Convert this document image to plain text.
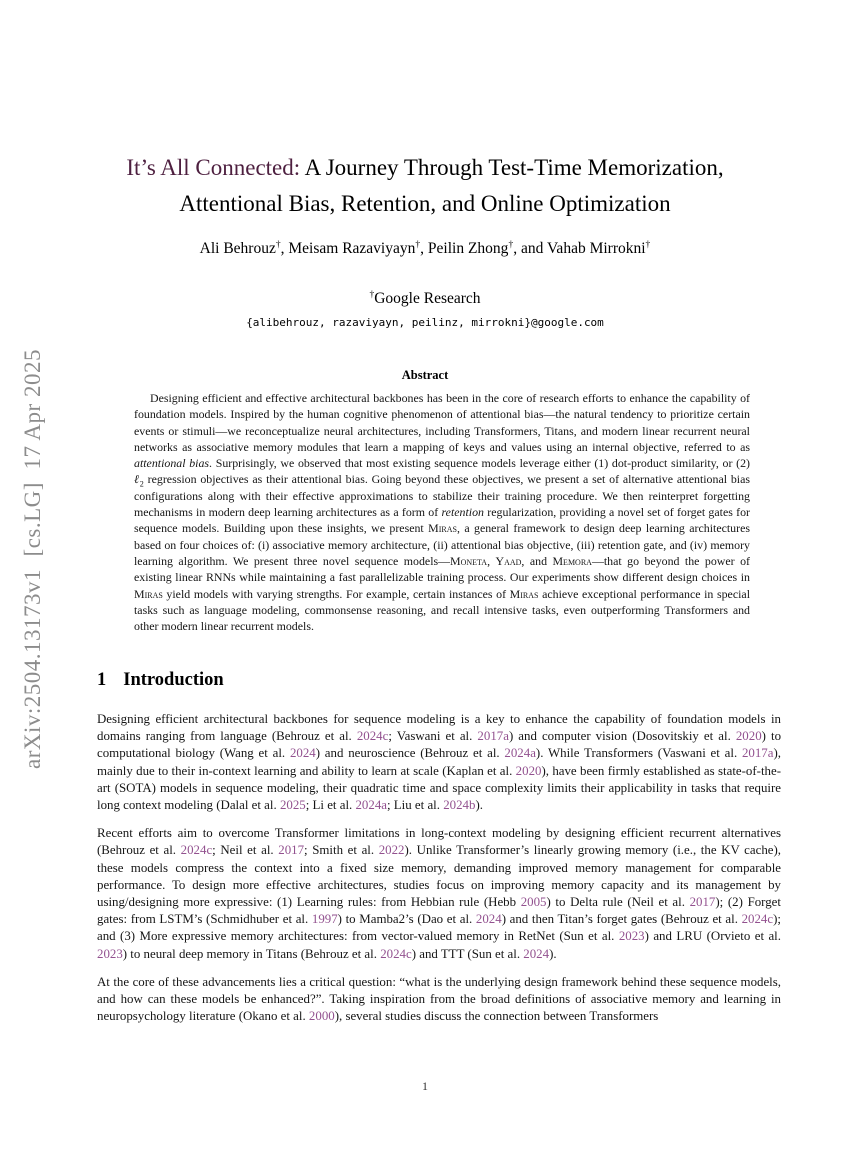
arXiv:2504.13173v1  [cs.LG]  17 Apr 2025
It’s All Connected: A Journey Through Test-Time Memorization,
Attentional Bias, Retention, and Online Optimization
Ali Behrouz†, Meisam Razaviyayn†, Peilin Zhong†, and Vahab Mirrokni†
†Google Research
{alibehrouz, razaviyayn, peilinz, mirrokni}@google.com
Abstract
Designing efficient and effective architectural backbones has been in the core of research efforts to enhance the capability of foundation models. Inspired by the human cognitive phenomenon of attentional bias—the natural tendency to prioritize certain events or stimuli—we reconceptualize neural architectures, including Transformers, Titans, and modern linear recurrent neural networks as associative memory modules that learn a mapping of keys and values using an internal objective, referred to as attentional bias. Surprisingly, we observed that most existing sequence models leverage either (1) dot-product similarity, or (2) ℓ$_2$ regression objectives as their attentional bias. Going beyond these objectives, we present a set of alternative attentional bias configurations along with their effective approximations to stabilize their training procedure. We then reinterpret forgetting mechanisms in modern deep learning architectures as a form of retention regularization, providing a novel set of forget gates for sequence models. Building upon these insights, we present Miras, a general framework to design deep learning architectures based on four choices of: (i) associative memory architecture, (ii) attentional bias objective, (iii) retention gate, and (iv) memory learning algorithm. We present three novel sequence models—Moneta, Yaad, and Memora—that go beyond the power of existing linear RNNs while maintaining a fast parallelizable training process. Our experiments show different design choices in Miras yield models with varying strengths. For example, certain instances of Miras achieve exceptional performance in special tasks such as language modeling, commonsense reasoning, and recall intensive tasks, even outperforming Transformers and other modern linear recurrent models.
1 Introduction

Designing efficient architectural backbones for sequence modeling is a key to enhance the capability of foundation models in domains ranging from language (Behrouz et al. 2024c; Vaswani et al. 2017a) and computer vision (Dosovitskiy et al. 2020) to computational biology (Wang et al. 2024) and neuroscience (Behrouz et al. 2024a). While Transformers (Vaswani et al. 2017a), mainly due to their in-context learning and ability to learn at scale (Kaplan et al. 2020), have been firmly established as state-of-the-art (SOTA) models in sequence modeling, their quadratic time and space complexity limits their applicability in tasks that require long context modeling (Dalal et al. 2025; Li et al. 2024a; Liu et al. 2024b).

Recent efforts aim to overcome Transformer limitations in long-context modeling by designing efficient recurrent alternatives (Behrouz et al. 2024c; Neil et al. 2017; Smith et al. 2022). Unlike Transformer’s linearly growing memory (i.e., the KV cache), these models compress the context into a fixed size memory, demanding improved memory management for comparable performance. To design more effective architectures, studies focus on improving memory capacity and its management by using/designing more expressive: (1) Learning rules: from Hebbian rule (Hebb 2005) to Delta rule (Neil et al. 2017); (2) Forget gates: from LSTM’s (Schmidhuber et al. 1997) to Mamba2’s (Dao et al. 2024) and then Titan’s forget gates (Behrouz et al. 2024c); and (3) More expressive memory architectures: from vector-valued memory in RetNet (Sun et al. 2023) and LRU (Orvieto et al. 2023) to neural deep memory in Titans (Behrouz et al. 2024c) and TTT (Sun et al. 2024).

At the core of these advancements lies a critical question: “what is the underlying design framework behind these sequence models, and how can these models be enhanced?”. Taking inspiration from the broad definitions of associative memory and learning in neuropsychology literature (Okano et al. 2000), several studies discuss the connection between Transformers

1
